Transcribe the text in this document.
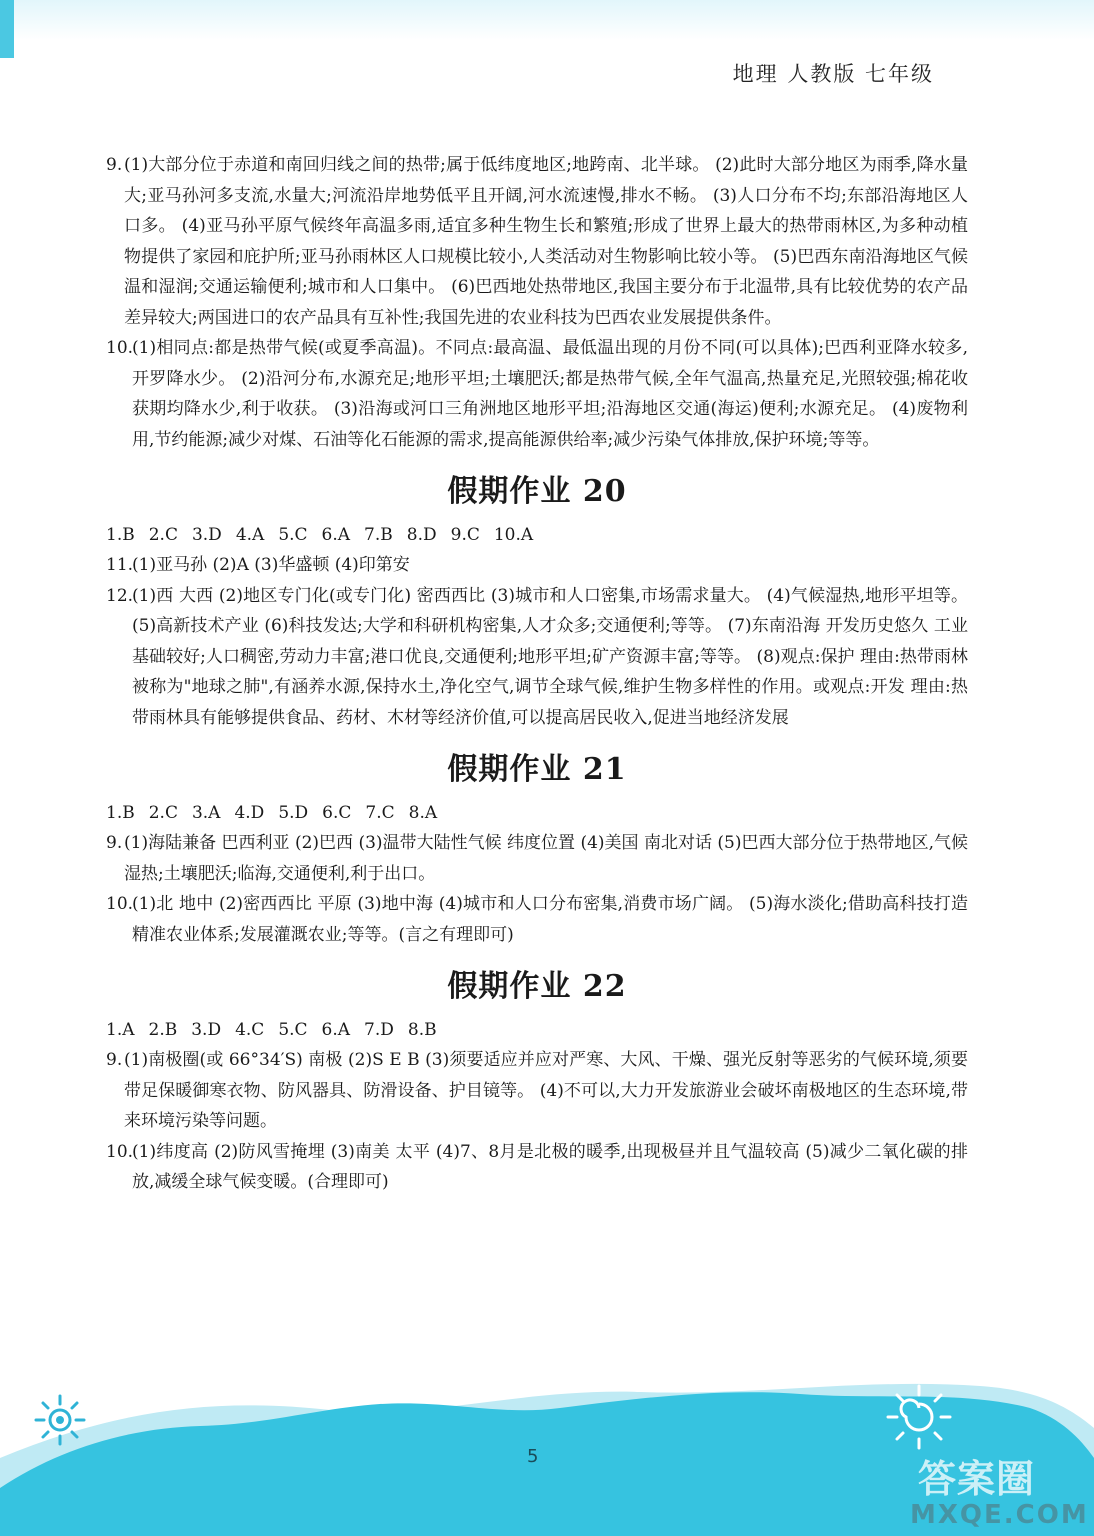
地理 人教版 七年级

9. (1)大部分位于赤道和南回归线之间的热带;属于低纬度地区;地跨南、北半球。 (2)此时大部分地区为雨季,降水量大;亚马孙河多支流,水量大;河流沿岸地势低平且开阔,河水流速慢,排水不畅。 (3)人口分布不均;东部沿海地区人口多。 (4)亚马孙平原气候终年高温多雨,适宜多种生物生长和繁殖;形成了世界上最大的热带雨林区,为多种动植物提供了家园和庇护所;亚马孙雨林区人口规模比较小,人类活动对生物影响比较小等。 (5)巴西东南沿海地区气候温和湿润;交通运输便利;城市和人口集中。 (6)巴西地处热带地区,我国主要分布于北温带,具有比较优势的农产品差异较大;两国进口的农产品具有互补性;我国先进的农业科技为巴西农业发展提供条件。

10.
(1)相同点:都是热带气候(或夏季高温)。不同点:最高温、最低温出现的月份不同(可以具体);巴西利亚降水较多,开罗降水少。 (2)沿河分布,水源充足;地形平坦;土壤肥沃;都是热带气候,全年气温高,热量充足,光照较强;棉花收获期均降水少,利于收获。 (3)沿海或河口三角洲地区地形平坦;沿海地区交通(海运)便利;水源充足。 (4)废物利用,节约能源;减少对煤、石油等化石能源的需求,提高能源供给率;减少污染气体排放,保护环境;等等。

假期作业 20

1.B 2.C 3.D 4.A 5.C 6.A 7.B 8.D 9.C 10.A

11.
(1)亚马孙 (2)A (3)华盛顿 (4)印第安

12.
(1)西 大西 (2)地区专门化(或专门化) 密西西比 (3)城市和人口密集,市场需求量大。 (4)气候湿热,地形平坦等。 (5)高新技术产业 (6)科技发达;大学和科研机构密集,人才众多;交通便利;等等。 (7)东南沿海 开发历史悠久 工业基础较好;人口稠密,劳动力丰富;港口优良,交通便利;地形平坦;矿产资源丰富;等等。 (8)观点:保护 理由:热带雨林被称为"地球之肺",有涵养水源,保持水土,净化空气,调节全球气候,维护生物多样性的作用。或观点:开发 理由:热带雨林具有能够提供食品、药材、木材等经济价值,可以提高居民收入,促进当地经济发展

假期作业 21

1.B 2.C 3.A 4.D 5.D 6.C 7.C 8.A

9. (1)海陆兼备 巴西利亚 (2)巴西 (3)温带大陆性气候 纬度位置 (4)美国 南北对话 (5)巴西大部分位于热带地区,气候湿热;土壤肥沃;临海,交通便利,利于出口。

10.
(1)北 地中 (2)密西西比 平原 (3)地中海 (4)城市和人口分布密集,消费市场广阔。 (5)海水淡化;借助高科技打造精准农业体系;发展灌溉农业;等等。(言之有理即可)

假期作业 22

1.A 2.B 3.D 4.C 5.C 6.A 7.D 8.B

9. (1)南极圈(或 66°34′S) 南极 (2)S E B (3)须要适应并应对严寒、大风、干燥、强光反射等恶劣的气候环境,须要带足保暖御寒衣物、防风器具、防滑设备、护目镜等。 (4)不可以,大力开发旅游业会破坏南极地区的生态环境,带来环境污染等问题。

10.
(1)纬度高 (2)防风雪掩埋 (3)南美 太平 (4)7、8月是北极的暖季,出现极昼并且气温较高 (5)减少二氧化碳的排放,减缓全球气候变暖。(合理即可)

5
答案圈
MXQE.COM
